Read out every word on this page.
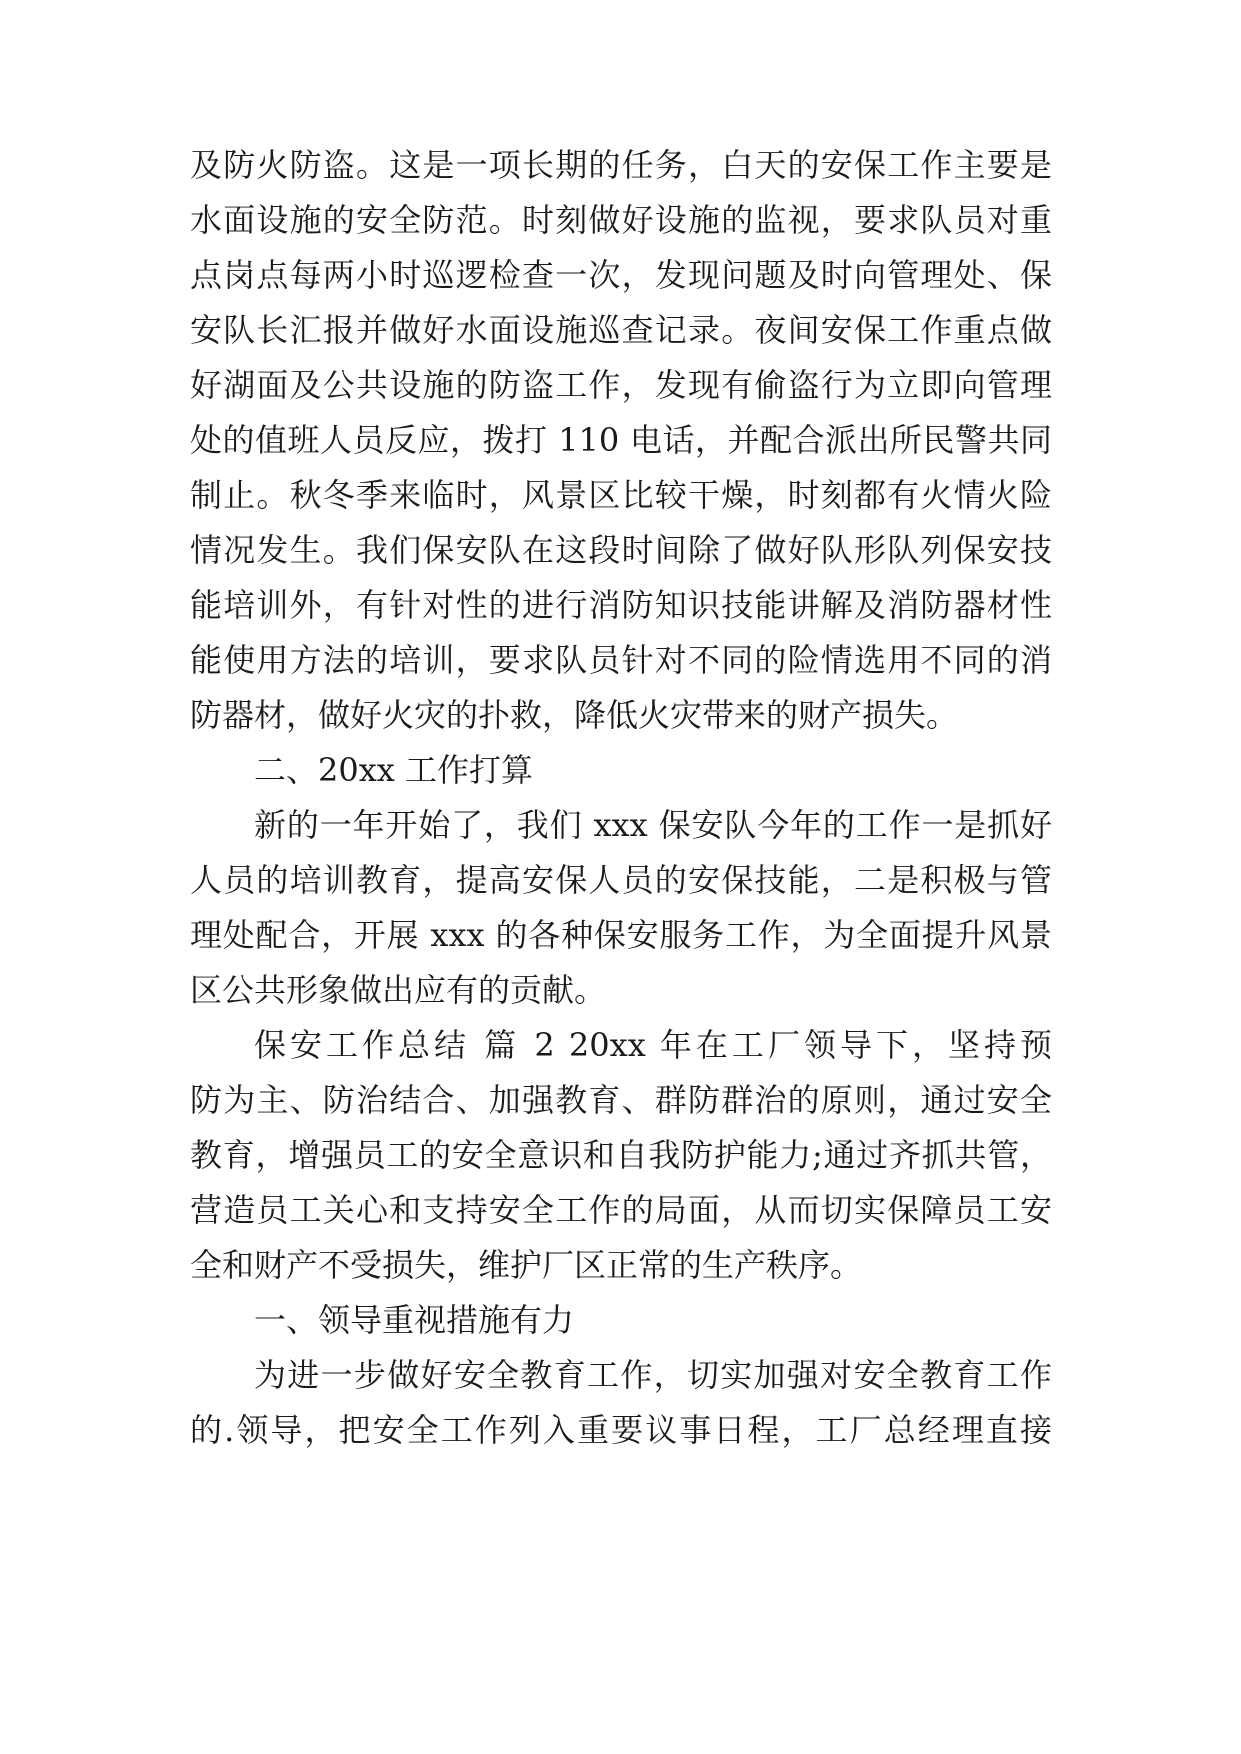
及防火防盗。这是一项长期的任务，白天的安保工作主要是
水面设施的安全防范。时刻做好设施的监视，要求队员对重
点岗点每两小时巡逻检查一次，发现问题及时向管理处、保
安队长汇报并做好水面设施巡查记录。夜间安保工作重点做
好湖面及公共设施的防盗工作，发现有偷盗行为立即向管理
处的值班人员反应，拨打 110 电话，并配合派出所民警共同
制止。秋冬季来临时，风景区比较干燥，时刻都有火情火险
情况发生。我们保安队在这段时间除了做好队形队列保安技
能培训外，有针对性的进行消防知识技能讲解及消防器材性
能使用方法的培训，要求队员针对不同的险情选用不同的消
防器材，做好火灾的扑救，降低火灾带来的财产损失。
二、20xx 工作打算
新的一年开始了，我们 xxx 保安队今年的工作一是抓好
人员的培训教育，提高安保人员的安保技能，二是积极与管
理处配合，开展 xxx 的各种保安服务工作，为全面提升风景
区公共形象做出应有的贡献。
保安工作总结 篇 2 20xx 年在工厂领导下，坚持预
防为主、防治结合、加强教育、群防群治的原则，通过安全
教育，增强员工的安全意识和自我防护能力;通过齐抓共管，
营造员工关心和支持安全工作的局面，从而切实保障员工安
全和财产不受损失，维护厂区正常的生产秩序。
一、领导重视措施有力
为进一步做好安全教育工作，切实加强对安全教育工作
的.领导，把安全工作列入重要议事日程，工厂总经理直接
